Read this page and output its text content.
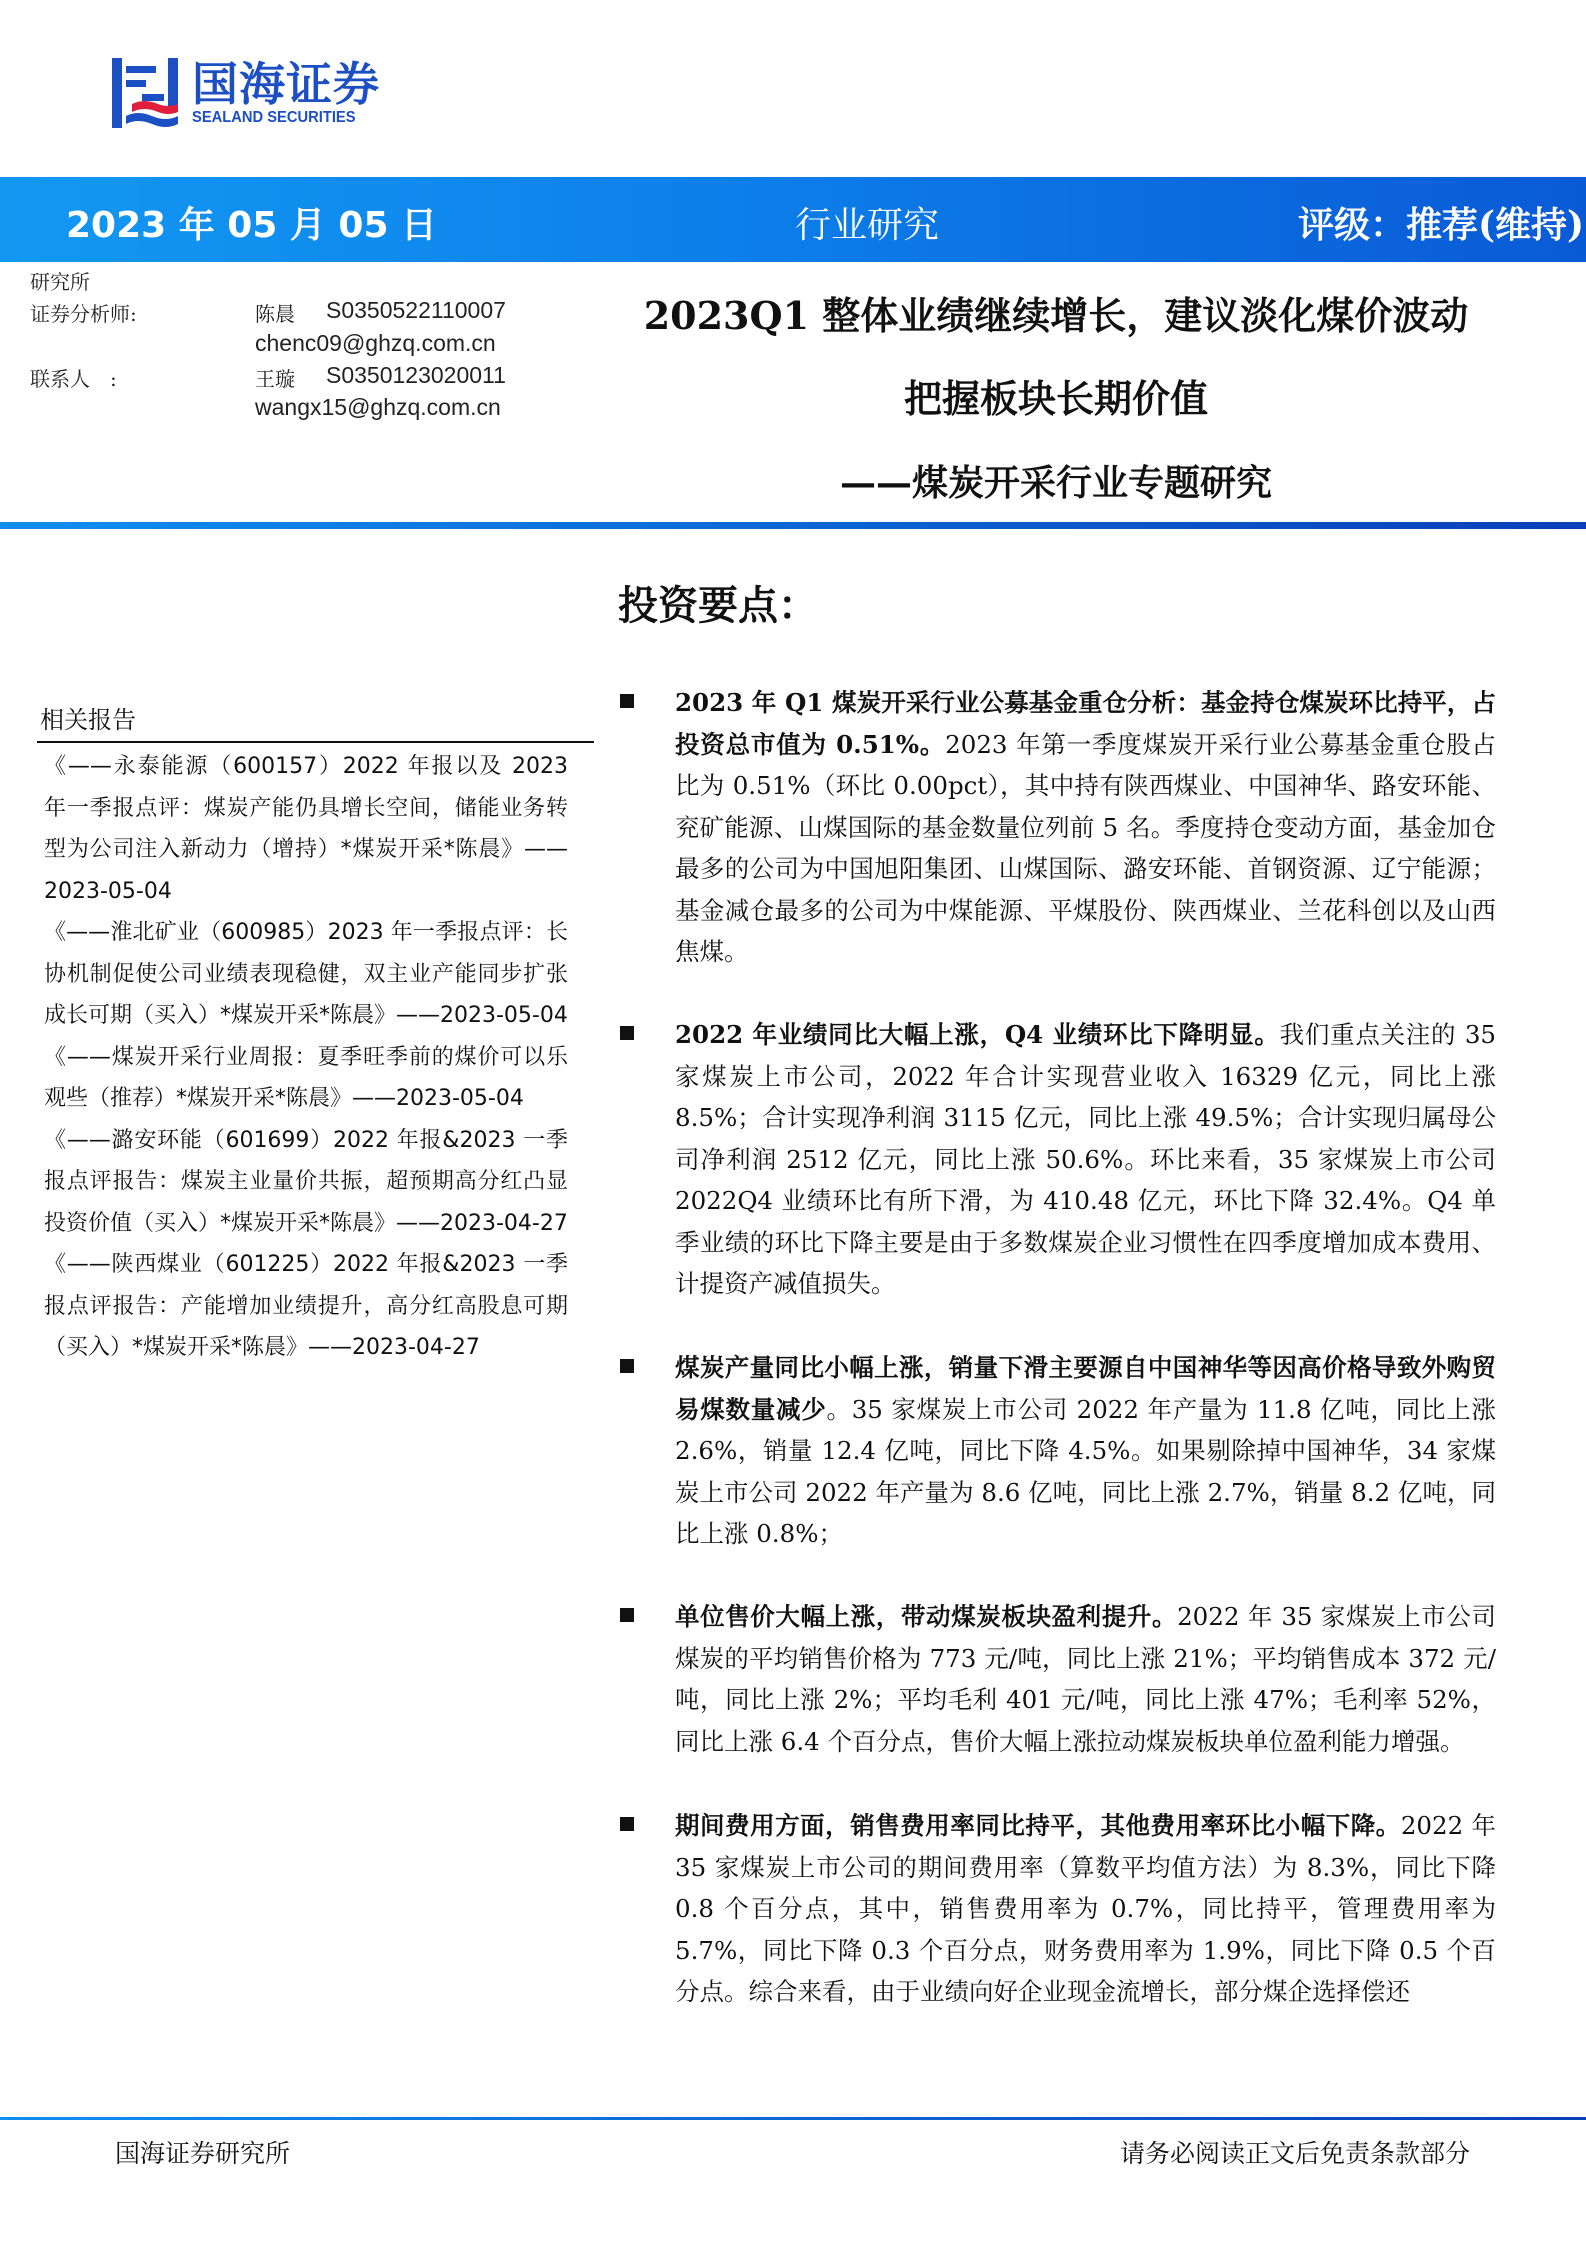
国海证券
SEALAND SECURITIES
2023 年 05 月 05 日	行业研究	评级：推荐(维持)
研究所
证券分析师:	陈晨 S0350522110007
chenc09@ghzq.com.cn
联系人　:	王璇 S0350123020011
wangx15@ghzq.com.cn
2023Q1 整体业绩继续增长，建议淡化煤价波动
把握板块长期价值
——煤炭开采行业专题研究
投资要点：
相关报告

《——永泰能源（600157）2022 年报以及 2023 年一季报点评：煤炭产能仍具增长空间，储能业务转型为公司注入新动力（增持）*煤炭开采*陈晨》——2023-05-04

《——淮北矿业（600985）2023 年一季报点评：长协机制促使公司业绩表现稳健，双主业产能同步扩张成长可期（买入）*煤炭开采*陈晨》——2023-05-04

《——煤炭开采行业周报：夏季旺季前的煤价可以乐观些（推荐）*煤炭开采*陈晨》——2023-05-04

《——潞安环能（601699）2022 年报&2023 一季报点评报告：煤炭主业量价共振，超预期高分红凸显投资价值（买入）*煤炭开采*陈晨》——2023-04-27

《——陕西煤业（601225）2022 年报&2023 一季报点评报告：产能增加业绩提升，高分红高股息可期（买入）*煤炭开采*陈晨》——2023-04-27

2023 年 Q1 煤炭开采行业公募基金重仓分析：基金持仓煤炭环比持平，占投资总市值为 0.51%。2023 年第一季度煤炭开采行业公募基金重仓股占比为 0.51%（环比 0.00pct），其中持有陕西煤业、中国神华、路安环能、兖矿能源、山煤国际的基金数量位列前 5 名。季度持仓变动方面，基金加仓最多的公司为中国旭阳集团、山煤国际、潞安环能、首钢资源、辽宁能源；基金减仓最多的公司为中煤能源、平煤股份、陕西煤业、兰花科创以及山西焦煤。

2022 年业绩同比大幅上涨，Q4 业绩环比下降明显。我们重点关注的 35 家煤炭上市公司，2022 年合计实现营业收入 16329 亿元，同比上涨 8.5%；合计实现净利润 3115 亿元，同比上涨 49.5%；合计实现归属母公司净利润 2512 亿元，同比上涨 50.6%。环比来看，35 家煤炭上市公司 2022Q4 业绩环比有所下滑，为 410.48 亿元，环比下降 32.4%。Q4 单季业绩的环比下降主要是由于多数煤炭企业习惯性在四季度增加成本费用、计提资产减值损失。

煤炭产量同比小幅上涨，销量下滑主要源自中国神华等因高价格导致外购贸易煤数量减少。35 家煤炭上市公司 2022 年产量为 11.8 亿吨，同比上涨 2.6%，销量 12.4 亿吨，同比下降 4.5%。如果剔除掉中国神华，34 家煤炭上市公司 2022 年产量为 8.6 亿吨，同比上涨 2.7%，销量 8.2 亿吨，同比上涨 0.8%；

单位售价大幅上涨，带动煤炭板块盈利提升。2022 年 35 家煤炭上市公司煤炭的平均销售价格为 773 元/吨，同比上涨 21%；平均销售成本 372 元/吨，同比上涨 2%；平均毛利 401 元/吨，同比上涨 47%；毛利率 52%，同比上涨 6.4 个百分点，售价大幅上涨拉动煤炭板块单位盈利能力增强。

期间费用方面，销售费用率同比持平，其他费用率环比小幅下降。2022 年 35 家煤炭上市公司的期间费用率（算数平均值方法）为 8.3%，同比下降 0.8 个百分点，其中，销售费用率为 0.7%，同比持平，管理费用率为 5.7%，同比下降 0.3 个百分点，财务费用率为 1.9%，同比下降 0.5 个百分点。综合来看，由于业绩向好企业现金流增长，部分煤企选择偿还

国海证券研究所	请务必阅读正文后免责条款部分
